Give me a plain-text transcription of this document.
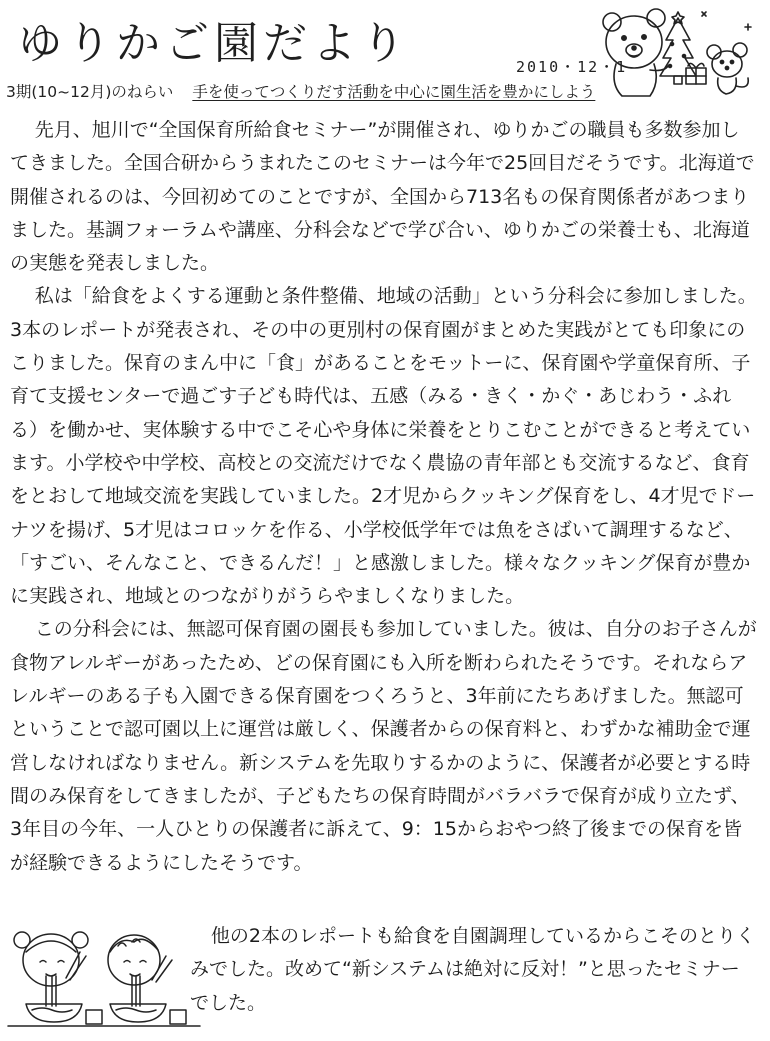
ゆりかご園だより	2010・12・1
3期(10~12月)のねらい 手を使ってつくりだす活動を中心に園生活を豊かにしよう

先月、旭川で“全国保育所給食セミナー”が開催され、ゆりかごの職員も多数参加してきました。全国合研からうまれたこのセミナーは今年で25回目だそうです。北海道で開催されるのは、今回初めてのことですが、全国から713名もの保育関係者があつまりました。基調フォーラムや講座、分科会などで学び合い、ゆりかごの栄養士も、北海道の実態を発表しました。

私は「給食をよくする運動と条件整備、地域の活動」という分科会に参加しました。3本のレポートが発表され、その中の更別村の保育園がまとめた実践がとても印象にのこりました。保育のまん中に「食」があることをモットーに、保育園や学童保育所、子育て支援センターで過ごす子ども時代は、五感（みる・きく・かぐ・あじわう・ふれる）を働かせ、実体験する中でこそ心や身体に栄養をとりこむことができると考えています。小学校や中学校、高校との交流だけでなく農協の青年部とも交流するなど、食育をとおして地域交流を実践していました。2才児からクッキング保育をし、4才児でドーナツを揚げ、5才児はコロッケを作る、小学校低学年では魚をさばいて調理するなど、「すごい、そんなこと、できるんだ！」と感激しました。様々なクッキング保育が豊かに実践され、地域とのつながりがうらやましくなりました。

この分科会には、無認可保育園の園長も参加していました。彼は、自分のお子さんが食物アレルギーがあったため、どの保育園にも入所を断わられたそうです。それならアレルギーのある子も入園できる保育園をつくろうと、3年前にたちあげました。無認可ということで認可園以上に運営は厳しく、保護者からの保育料と、わずかな補助金で運営しなければなりません。新システムを先取りするかのように、保護者が必要とする時間のみ保育をしてきましたが、子どもたちの保育時間がバラバラで保育が成り立たず、3年目の今年、一人ひとりの保護者に訴えて、9：15からおやつ終了後までの保育を皆が経験できるようにしたそうです。

他の2本のレポートも給食を自園調理しているからこそのとりくみでした。改めて“新システムは絶対に反対！”と思ったセミナーでした。
